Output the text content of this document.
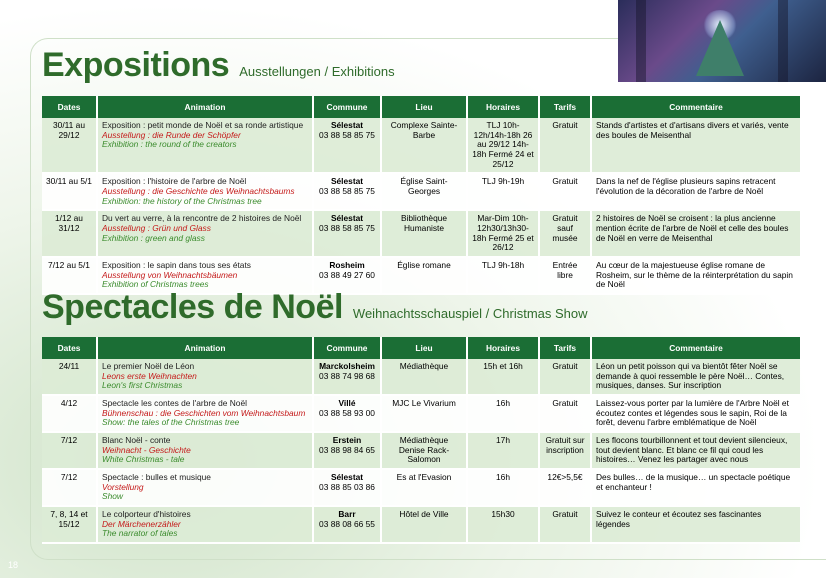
Expositions Ausstellungen / Exhibitions
Dates	Animation	Commune	Lieu	Horaires	Tarifs	Commentaire
30/11 au 29/12	Exposition : petit monde de Noël et sa ronde artistique
Ausstellung : die Runde der Schöpfer
Exhibition : the round of the creators	Sélestat
03 88 58 85 75	Complexe Sainte-Barbe	TLJ 10h-12h/14h-18h 26 au 29/12 14h-18h Fermé 24 et 25/12	Gratuit	Stands d'artistes et d'artisans divers et variés, vente des boules de Meisenthal
30/11 au 5/1	Exposition : l'histoire de l'arbre de Noël
Ausstellung : die Geschichte des Weihnachtsbaums
Exhibition: the history of the Christmas tree	Sélestat
03 88 58 85 75	Église Saint-Georges	TLJ 9h-19h	Gratuit	Dans la nef de l'église plusieurs sapins retracent l'évolution de la décoration de l'arbre de Noël
1/12 au 31/12	Du vert au verre, à la rencontre de 2 histoires de Noël
Ausstellung : Grün und Glass
Exhibition : green and glass	Sélestat
03 88 58 85 75	Bibliothèque Humaniste	Mar-Dim 10h-12h30/13h30-18h Fermé 25 et 26/12	Gratuit sauf musée	2 histoires de Noël se croisent : la plus ancienne mention écrite de l'arbre de Noël et celle des boules de Noël en verre de Meisenthal
7/12 au 5/1	Exposition : le sapin dans tous ses états
Ausstellung von Weihnachtsbäumen
Exhibition of Christmas trees	Rosheim
03 88 49 27 60	Église romane	TLJ 9h-18h	Entrée libre	Au cœur de la majestueuse église romane de Rosheim, sur le thème de la réinterprétation du sapin de Noël
Spectacles de Noël Weihnachtsschauspiel / Christmas Show
Dates	Animation	Commune	Lieu	Horaires	Tarifs	Commentaire
24/11	Le premier Noël de Léon
Leons erste Weihnachten
Leon's first Christmas	Marckolsheim
03 88 74 98 68	Médiathèque	15h et 16h	Gratuit	Léon un petit poisson qui va bientôt fêter Noël se demande à quoi ressemble le père Noël… Contes, musiques, danses. Sur inscription
4/12	Spectacle les contes de l'arbre de Noël
Bühnenschau : die Geschichten vom Weihnachtsbaum
Show: the tales of the Christmas tree	Villé
03 88 58 93 00	MJC Le Vivarium	16h	Gratuit	Laissez-vous porter par la lumière de l'Arbre Noël et écoutez contes et légendes sous le sapin, Roi de la forêt, devenu l'arbre emblématique de Noël
7/12	Blanc Noël - conte
Weihnacht - Geschichte
White Christmas - tale	Erstein
03 88 98 84 65	Médiathèque Denise Rack-Salomon	17h	Gratuit sur inscription	Les flocons tourbillonnent et tout devient silencieux, tout devient blanc. Et blanc ce fil qui coud les histoires… Venez les partager avec nous
7/12	Spectacle : bulles et musique
Vorstellung
Show	Sélestat
03 88 85 03 86	Es at l'Evasion	16h	12€>5,5€	Des bulles… de la musique… un spectacle poétique et enchanteur !
7, 8, 14 et 15/12	Le colporteur d'histoires
Der Märchenerzähler
The narrator of tales	Barr
03 88 08 66 55	Hôtel de Ville	15h30	Gratuit	Suivez le conteur et écoutez ses fascinantes légendes
18
